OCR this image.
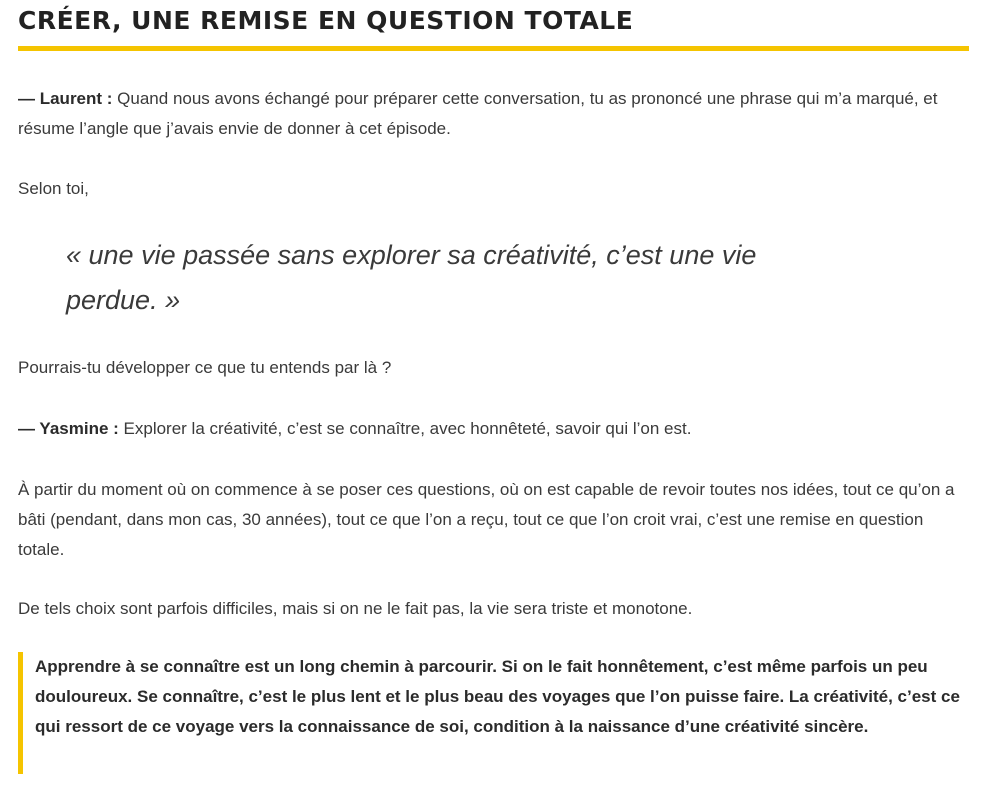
CRÉER, UNE REMISE EN QUESTION TOTALE

— Laurent : Quand nous avons échangé pour préparer cette conversation, tu as prononcé une phrase qui m’a marqué, et résume l’angle que j’avais envie de donner à cet épisode.

Selon toi,

« une vie passée sans explorer sa créativité, c’est une vie perdue. »

Pourrais-tu développer ce que tu entends par là ?

— Yasmine : Explorer la créativité, c’est se connaître, avec honnêteté, savoir qui l’on est.

À partir du moment où on commence à se poser ces questions, où on est capable de revoir toutes nos idées, tout ce qu’on a bâti (pendant, dans mon cas, 30 années), tout ce que l’on a reçu, tout ce que l’on croit vrai, c’est une remise en question totale.

De tels choix sont parfois difficiles, mais si on ne le fait pas, la vie sera triste et monotone.

Apprendre à se connaître est un long chemin à parcourir. Si on le fait honnêtement, c’est même parfois un peu douloureux. Se connaître, c’est le plus lent et le plus beau des voyages que l’on puisse faire. La créativité, c’est ce qui ressort de ce voyage vers la connaissance de soi, condition à la naissance d’une créativité sincère.
